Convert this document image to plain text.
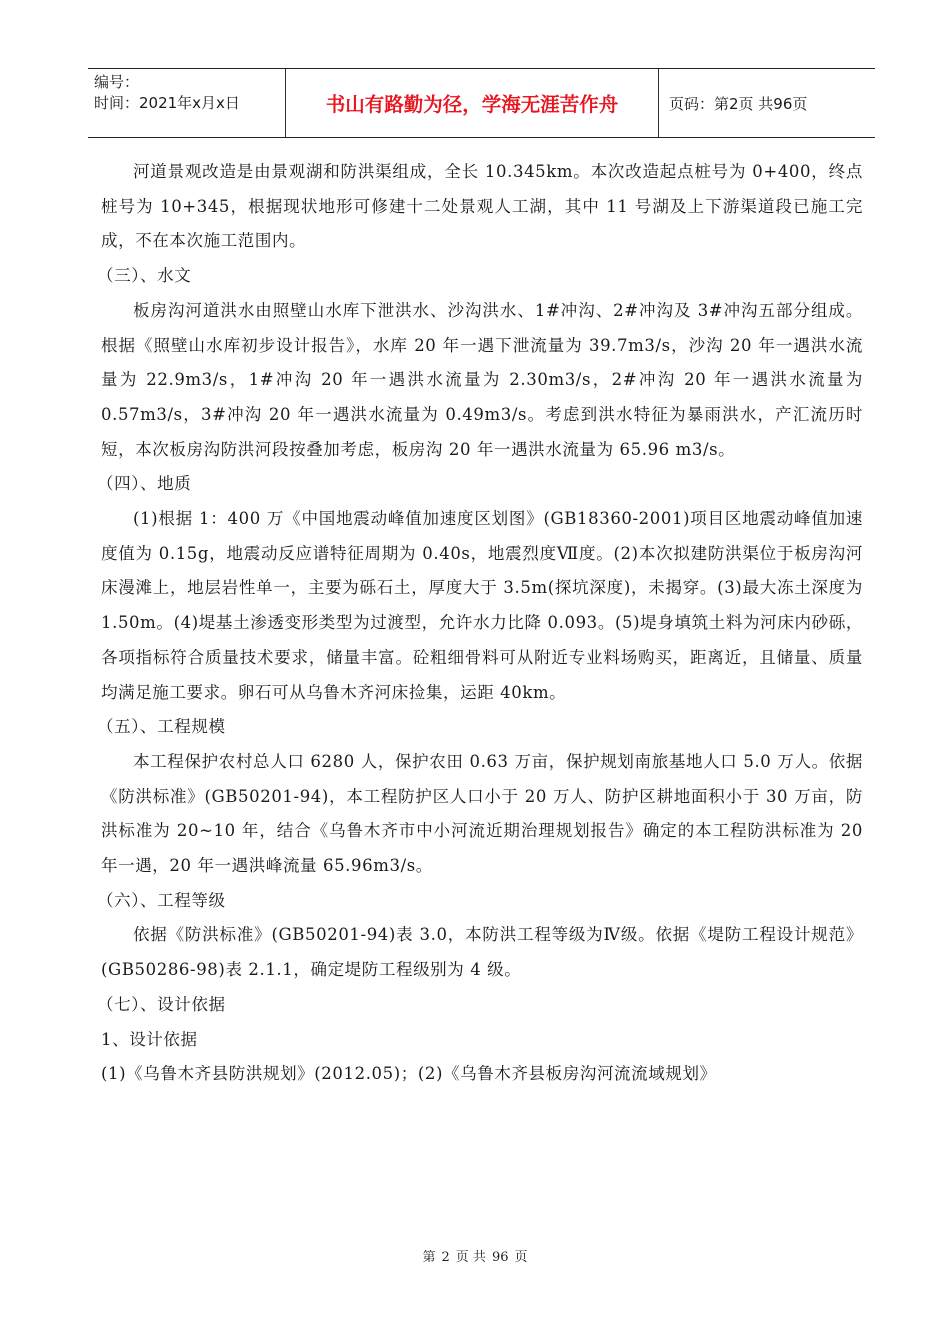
编号：
时间：2021年x月x日	书山有路勤为径，学海无涯苦作舟	页码：第2页 共96页

河道景观改造是由景观湖和防洪渠组成，全长 10.345km。本次改造起点桩号为 0+400，终点桩号为 10+345，根据现状地形可修建十二处景观人工湖，其中 11 号湖及上下游渠道段已施工完成，不在本次施工范围内。

（三）、水文

板房沟河道洪水由照壁山水库下泄洪水、沙沟洪水、1#冲沟、2#冲沟及 3#冲沟五部分组成。根据《照壁山水库初步设计报告》，水库 20 年一遇下泄流量为 39.7m3/s，沙沟 20 年一遇洪水流量为 22.9m3/s，1#冲沟 20 年一遇洪水流量为 2.30m3/s，2#冲沟 20 年一遇洪水流量为 0.57m3/s，3#冲沟 20 年一遇洪水流量为 0.49m3/s。考虑到洪水特征为暴雨洪水，产汇流历时短，本次板房沟防洪河段按叠加考虑，板房沟 20 年一遇洪水流量为 65.96 m3/s。

（四）、地质

(1)根据 1：400 万《中国地震动峰值加速度区划图》(GB18360-2001)项目区地震动峰值加速度值为 0.15g，地震动反应谱特征周期为 0.40s，地震烈度Ⅶ度。(2)本次拟建防洪渠位于板房沟河床漫滩上，地层岩性单一，主要为砾石土，厚度大于 3.5m(探坑深度)，未揭穿。(3)最大冻土深度为 1.50m。(4)堤基土渗透变形类型为过渡型，允许水力比降 0.093。(5)堤身填筑土料为河床内砂砾，各项指标符合质量技术要求，储量丰富。砼粗细骨料可从附近专业料场购买，距离近，且储量、质量均满足施工要求。卵石可从乌鲁木齐河床捡集，运距 40km。

（五）、工程规模

本工程保护农村总人口 6280 人，保护农田 0.63 万亩，保护规划南旅基地人口 5.0 万人。依据《防洪标准》(GB50201-94)，本工程防护区人口小于 20 万人、防护区耕地面积小于 30 万亩，防洪标准为 20~10 年，结合《乌鲁木齐市中小河流近期治理规划报告》确定的本工程防洪标准为 20 年一遇，20 年一遇洪峰流量 65.96m3/s。

（六）、工程等级

依据《防洪标准》(GB50201-94)表 3.0，本防洪工程等级为Ⅳ级。依据《堤防工程设计规范》(GB50286-98)表 2.1.1，确定堤防工程级别为 4 级。

（七）、设计依据

1、设计依据

(1)《乌鲁木齐县防洪规划》(2012.05)；(2)《乌鲁木齐县板房沟河流流域规划》

第 2 页 共 96 页
